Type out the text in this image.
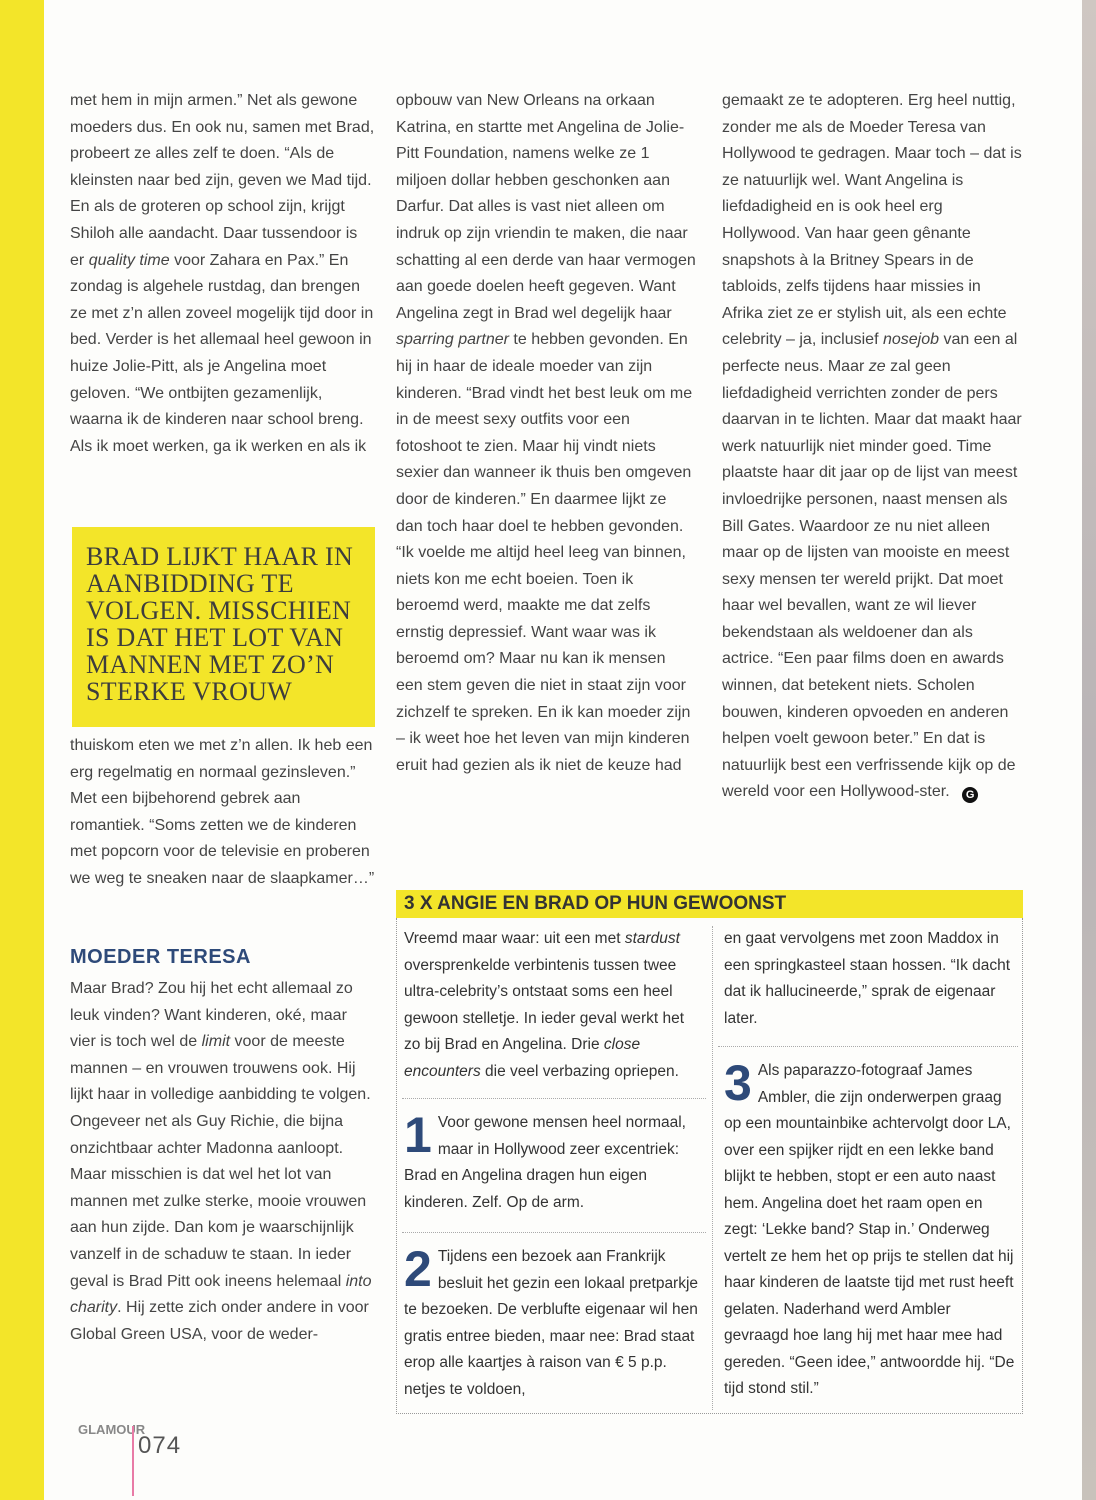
met hem in mijn armen.” Net als gewone moeders dus. En ook nu, samen met Brad, probeert ze alles zelf te doen. “Als de kleinsten naar bed zijn, geven we Mad tijd. En als de groteren op school zijn, krijgt Shiloh alle aandacht. Daar tussendoor is er quality time voor Zahara en Pax.” En zondag is algehele rustdag, dan brengen ze met z’n allen zoveel mogelijk tijd door in bed. Verder is het allemaal heel gewoon in huize Jolie-Pitt, als je Angelina moet geloven. “We ontbijten gezamenlijk, waarna ik de kinderen naar school breng. Als ik moet werken, ga ik werken en als ik

BRAD LIJKT HAAR IN AANBIDDING TE VOLGEN. MISSCHIEN IS DAT HET LOT VAN MANNEN MET ZO’N STERKE VROUW

thuiskom eten we met z’n allen. Ik heb een erg regelmatig en normaal gezinsleven.” Met een bijbehorend gebrek aan romantiek. “Soms zetten we de kinderen met popcorn voor de televisie en proberen we weg te sneaken naar de slaapkamer…”

MOEDER TERESA

Maar Brad? Zou hij het echt allemaal zo leuk vinden? Want kinderen, oké, maar vier is toch wel de limit voor de meeste mannen – en vrouwen trouwens ook. Hij lijkt haar in volledige aanbidding te volgen. Ongeveer net als Guy Richie, die bijna onzichtbaar achter Madonna aanloopt. Maar misschien is dat wel het lot van mannen met zulke sterke, mooie vrouwen aan hun zijde. Dan kom je waarschijnlijk vanzelf in de schaduw te staan. In ieder geval is Brad Pitt ook ineens helemaal into charity. Hij zette zich onder andere in voor Global Green USA, voor de weder-

opbouw van New Orleans na orkaan Katrina, en startte met Angelina de Jolie-Pitt Foundation, namens welke ze 1 miljoen dollar hebben geschonken aan Darfur. Dat alles is vast niet alleen om indruk op zijn vriendin te maken, die naar schatting al een derde van haar vermogen aan goede doelen heeft gegeven. Want Angelina zegt in Brad wel degelijk haar sparring partner te hebben gevonden. En hij in haar de ideale moeder van zijn kinderen. “Brad vindt het best leuk om me in de meest sexy outfits voor een fotoshoot te zien. Maar hij vindt niets sexier dan wanneer ik thuis ben omgeven door de kinderen.” En daarmee lijkt ze dan toch haar doel te hebben gevonden. “Ik voelde me altijd heel leeg van binnen, niets kon me echt boeien. Toen ik beroemd werd, maakte me dat zelfs ernstig depressief. Want waar was ik beroemd om? Maar nu kan ik mensen een stem geven die niet in staat zijn voor zichzelf te spreken. En ik kan moeder zijn – ik weet hoe het leven van mijn kinderen eruit had gezien als ik niet de keuze had

gemaakt ze te adopteren. Erg heel nuttig, zonder me als de Moeder Teresa van Hollywood te gedragen. Maar toch – dat is ze natuurlijk wel. Want Angelina is liefdadigheid en is ook heel erg Hollywood. Van haar geen gênante snapshots à la Britney Spears in de tabloids, zelfs tijdens haar missies in Afrika ziet ze er stylish uit, als een echte celebrity – ja, inclusief nosejob van een al perfecte neus. Maar ze zal geen liefdadigheid verrichten zonder de pers daarvan in te lichten. Maar dat maakt haar werk natuurlijk niet minder goed. Time plaatste haar dit jaar op de lijst van meest invloedrijke personen, naast mensen als Bill Gates. Waardoor ze nu niet alleen maar op de lijsten van mooiste en meest sexy mensen ter wereld prijkt. Dat moet haar wel bevallen, want ze wil liever bekendstaan als weldoener dan als actrice. “Een paar films doen en awards winnen, dat betekent niets. Scholen bouwen, kinderen opvoeden en anderen helpen voelt gewoon beter.” En dat is natuurlijk best een verfrissende kijk op de wereld voor een Hollywood-ster. G

3 X ANGIE EN BRAD OP HUN GEWOONST
Vreemd maar waar: uit een met stardust oversprenkelde verbintenis tussen twee ultra-celebrity’s ontstaat soms een heel gewoon stelletje. In ieder geval werkt het zo bij Brad en Angelina. Drie close encounters die veel verbazing opriepen.
1 Voor gewone mensen heel normaal, maar in Hollywood zeer excentriek: Brad en Angelina dragen hun eigen kinderen. Zelf. Op de arm.
2 Tijdens een bezoek aan Frankrijk besluit het gezin een lokaal pretparkje te bezoeken. De verblufte eigenaar wil hen gratis entree bieden, maar nee: Brad staat erop alle kaartjes à raison van € 5 p.p. netjes te voldoen,
en gaat vervolgens met zoon Maddox in een springkasteel staan hossen. “Ik dacht dat ik hallucineerde,” sprak de eigenaar later.
3 Als paparazzo-fotograaf James Ambler, die zijn onderwerpen graag op een mountainbike achtervolgt door LA, over een spijker rijdt en een lekke band blijkt te hebben, stopt er een auto naast hem. Angelina doet het raam open en zegt: ‘Lekke band? Stap in.’ Onderweg vertelt ze hem het op prijs te stellen dat hij haar kinderen de laatste tijd met rust heeft gelaten. Naderhand werd Ambler gevraagd hoe lang hij met haar mee had gereden. “Geen idee,” antwoordde hij. “De tijd stond stil.”
GLAMOUR
074
